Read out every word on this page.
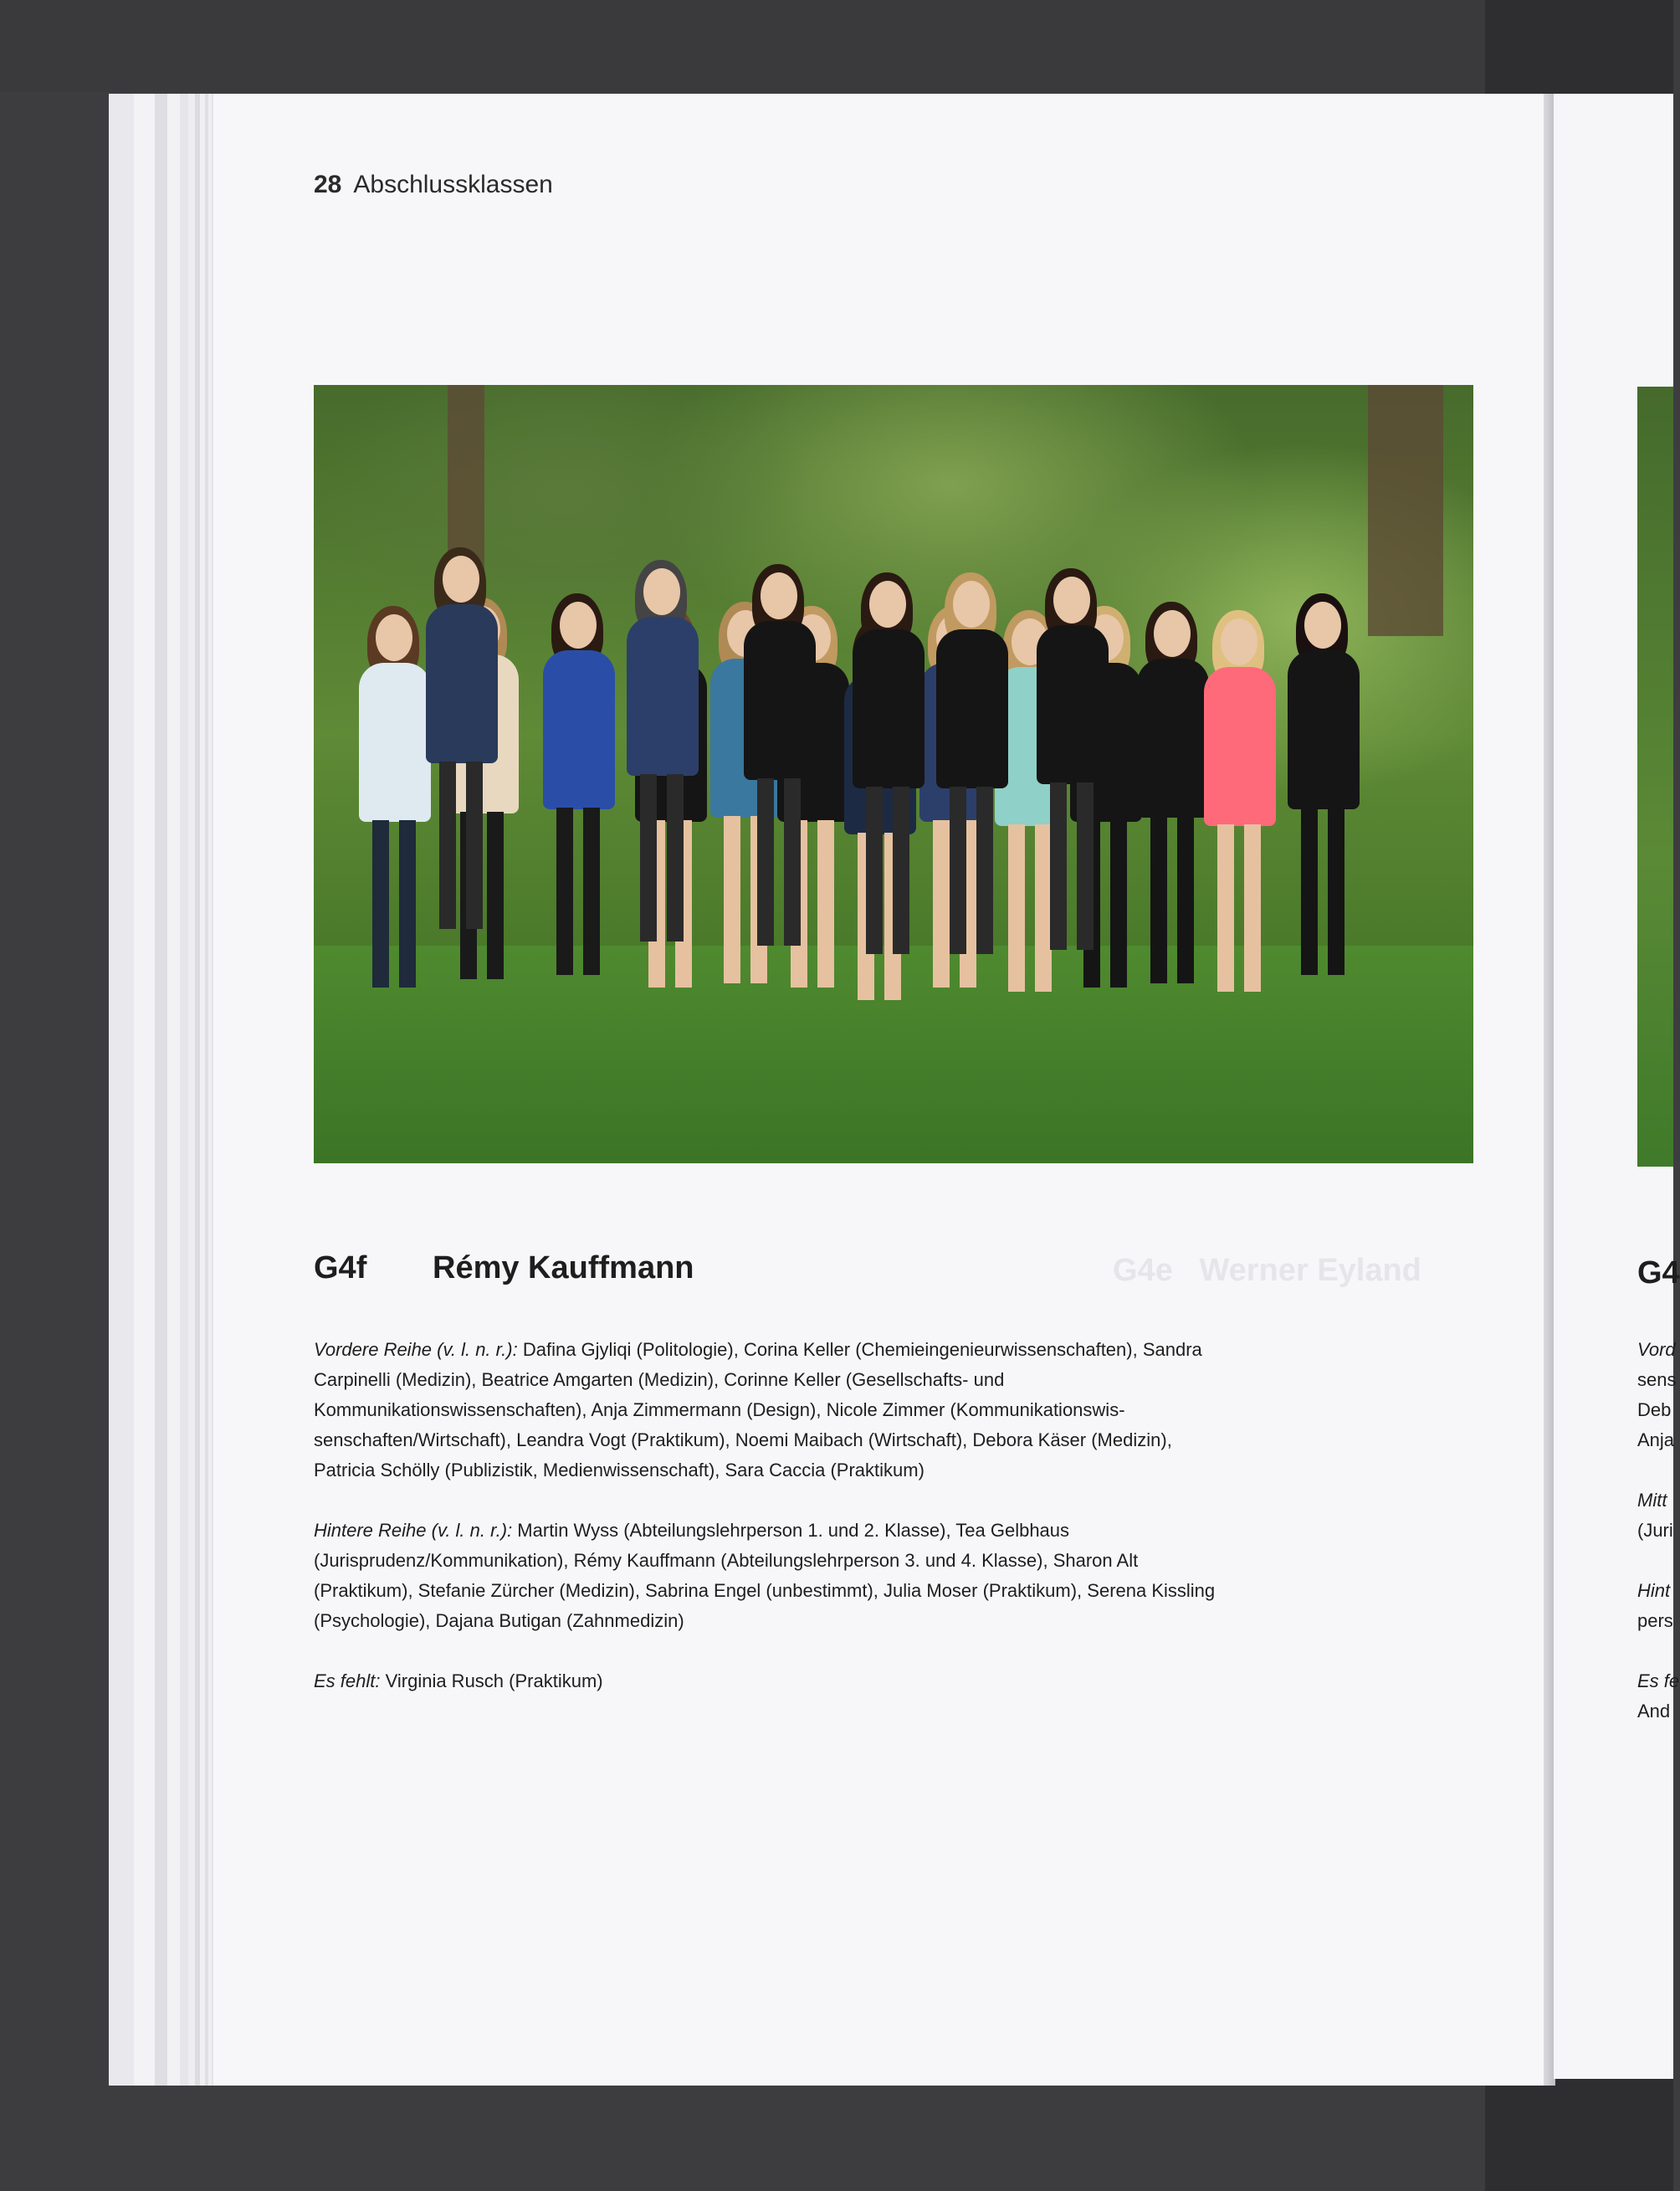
28 Abschlussklassen
G4f Rémy Kauffmann	G4e   Werner Eyland
Vordere Reihe (v. l. n. r.): Dafina Gjyliqi (Politologie), Corina Keller (Chemieingenieurwissenschaften), Sandra Carpinelli (Medizin), Beatrice Amgarten (Medizin), Corinne Keller (Gesellschafts- und Kommunikationswissenschaften), Anja Zimmermann (Design), Nicole Zimmer (Kommunikationswissenschaften/Wirtschaft), Leandra Vogt (Praktikum), Noemi Maibach (Wirtschaft), Debora Käser (Medizin), Patricia Schölly (Publizistik, Medienwissenschaft), Sara Caccia (Praktikum)
Hintere Reihe (v. l. n. r.): Martin Wyss (Abteilungslehrperson 1. und 2. Klasse), Tea Gelbhaus (Jurisprudenz/Kommunikation), Rémy Kauffmann (Abteilungslehrperson 3. und 4. Klasse), Sharon Alt (Praktikum), Stefanie Zürcher (Medizin), Sabrina Engel (unbestimmt), Julia Moser (Praktikum), Serena Kissling (Psychologie), Dajana Butigan (Zahnmedizin)
Es fehlt: Virginia Rusch (Praktikum)
G4
Vord
sens
Deb
Anja
Mitt
(Juri
Hint
pers
Es fe
And
